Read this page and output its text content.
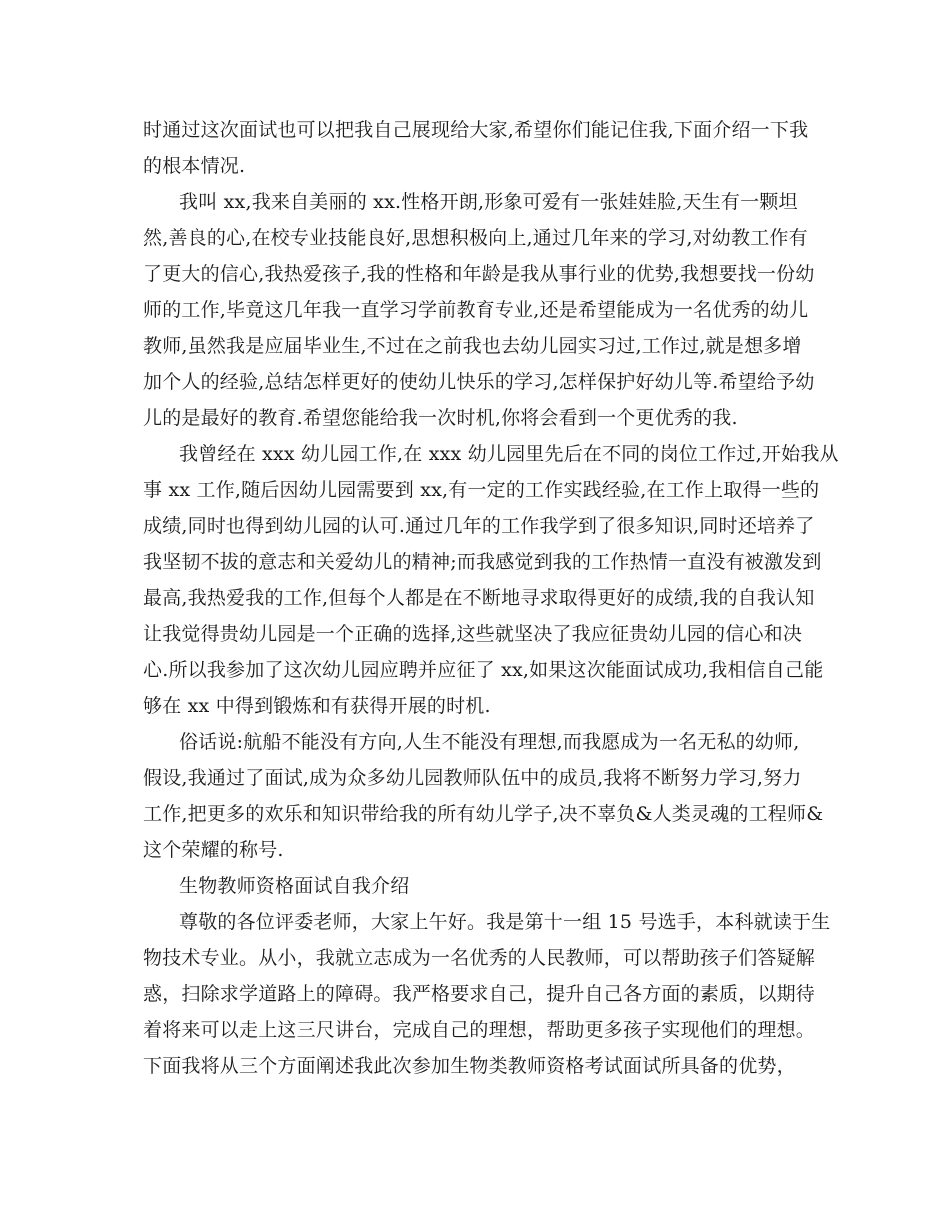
时通过这次面试也可以把我自己展现给大家,希望你们能记住我,下面介绍一下我

的根本情况.

我叫 xx,我来自美丽的 xx.性格开朗,形象可爱有一张娃娃脸,天生有一颗坦

然,善良的心,在校专业技能良好,思想积极向上,通过几年来的学习,对幼教工作有

了更大的信心,我热爱孩子,我的性格和年龄是我从事行业的优势,我想要找一份幼

师的工作,毕竟这几年我一直学习学前教育专业,还是希望能成为一名优秀的幼儿

教师,虽然我是应届毕业生,不过在之前我也去幼儿园实习过,工作过,就是想多增

加个人的经验,总结怎样更好的使幼儿快乐的学习,怎样保护好幼儿等.希望给予幼

儿的是最好的教育.希望您能给我一次时机,你将会看到一个更优秀的我.

我曾经在 xxx 幼儿园工作,在 xxx 幼儿园里先后在不同的岗位工作过,开始我从

事 xx 工作,随后因幼儿园需要到 xx,有一定的工作实践经验,在工作上取得一些的

成绩,同时也得到幼儿园的认可.通过几年的工作我学到了很多知识,同时还培养了

我坚韧不拔的意志和关爱幼儿的精神;而我感觉到我的工作热情一直没有被激发到

最高,我热爱我的工作,但每个人都是在不断地寻求取得更好的成绩,我的自我认知

让我觉得贵幼儿园是一个正确的选择,这些就坚决了我应征贵幼儿园的信心和决

心.所以我参加了这次幼儿园应聘并应征了 xx,如果这次能面试成功,我相信自己能

够在 xx 中得到锻炼和有获得开展的时机.

俗话说:航船不能没有方向,人生不能没有理想,而我愿成为一名无私的幼师,

假设,我通过了面试,成为众多幼儿园教师队伍中的成员,我将不断努力学习,努力

工作,把更多的欢乐和知识带给我的所有幼儿学子,决不辜负&人类灵魂的工程师&

这个荣耀的称号.

生物教师资格面试自我介绍

尊敬的各位评委老师，大家上午好。我是第十一组 15 号选手，本科就读于生

物技术专业。从小，我就立志成为一名优秀的人民教师，可以帮助孩子们答疑解

惑，扫除求学道路上的障碍。我严格要求自己，提升自己各方面的素质，以期待

着将来可以走上这三尺讲台，完成自己的理想，帮助更多孩子实现他们的理想。

下面我将从三个方面阐述我此次参加生物类教师资格考试面试所具备的优势，
